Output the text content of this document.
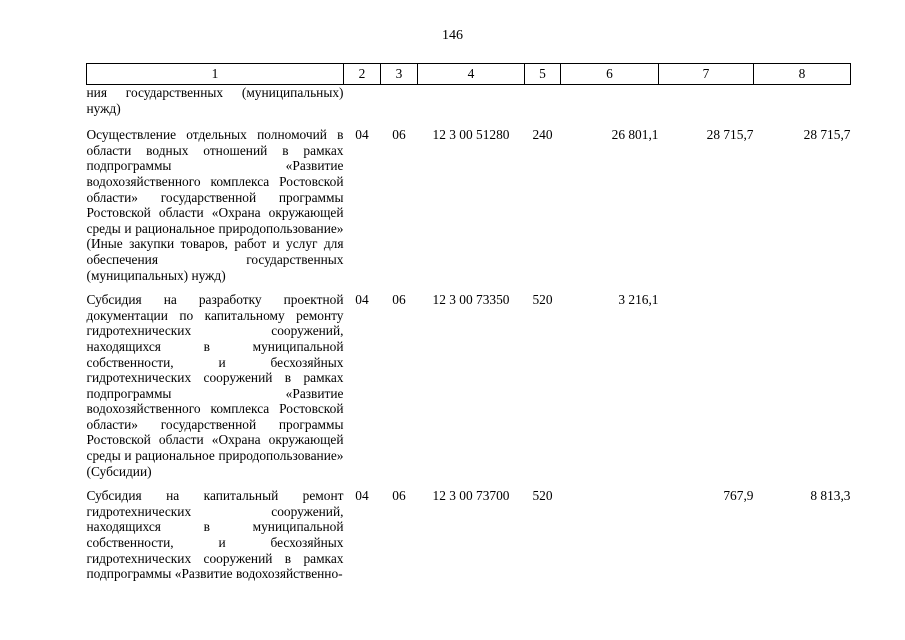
146
1	2	3	4	5	6	7	8
ния государственных (муниципальных) нужд)							
Осуществление отдельных полномочий в области водных отношений в рамках подпрограммы «Развитие водохозяйственного комплекса Ростовской области» государственной программы Ростовской области «Охрана окружающей среды и рациональное природопользование» (Иные закупки товаров, работ и услуг для обеспечения государственных (муниципальных) нужд)	04	06	12 3 00 51280	240	26 801,1	28 715,7	28 715,7
Субсидия на разработку проектной документации по капитальному ремонту гидротехнических сооружений, находящихся в муниципальной собственности, и бесхозяйных гидротехнических сооружений в рамках подпрограммы «Развитие водохозяйственного комплекса Ростовской области» государственной программы Ростовской области «Охрана окружающей среды и рациональное природопользование» (Субсидии)	04	06	12 3 00 73350	520	3 216,1		
Субсидия на капитальный ремонт гидротехнических сооружений, находящихся в муниципальной собственности, и бесхозяйных гидротехнических сооружений в рамках подпрограммы «Развитие водохозяйственно-	04	06	12 3 00 73700	520		767,9	8 813,3
